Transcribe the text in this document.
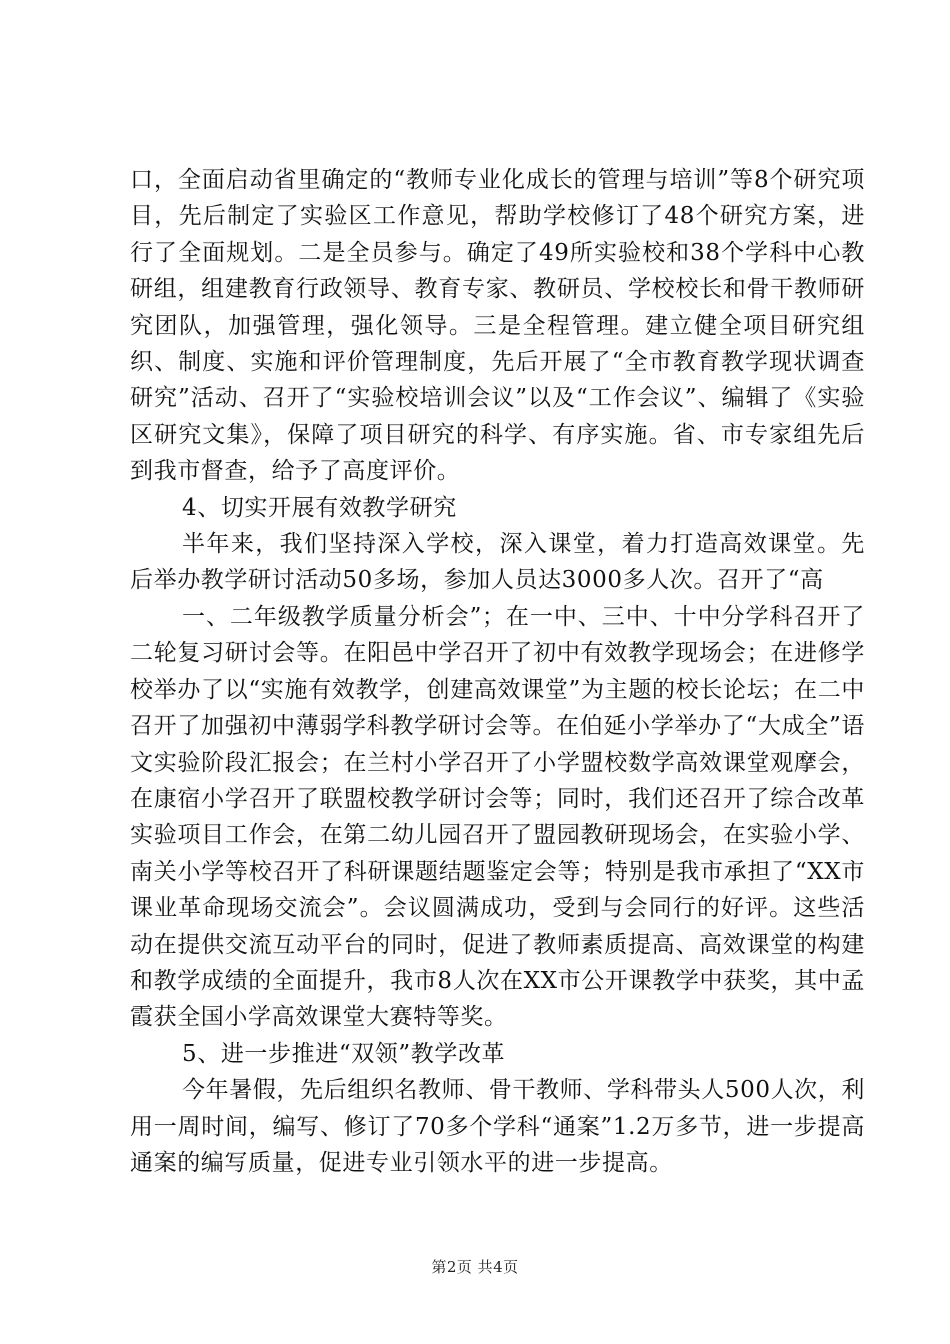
口，全面启动省里确定的“教师专业化成长的管理与培训”等8个研究项目，先后制定了实验区工作意见，帮助学校修订了48个研究方案，进行了全面规划。二是全员参与。确定了49所实验校和38个学科中心教研组，组建教育行政领导、教育专家、教研员、学校校长和骨干教师研究团队，加强管理，强化领导。三是全程管理。建立健全项目研究组织、制度、实施和评价管理制度，先后开展了“全市教育教学现状调查研究”活动、召开了“实验校培训会议”以及“工作会议”、编辑了《实验区研究文集》，保障了项目研究的科学、有序实施。省、市专家组先后到我市督查，给予了高度评价。

4、切实开展有效教学研究

半年来，我们坚持深入学校，深入课堂，着力打造高效课堂。先后举办教学研讨活动50多场，参加人员达3000多人次。召开了“高

一、二年级教学质量分析会”；在一中、三中、十中分学科召开了二轮复习研讨会等。在阳邑中学召开了初中有效教学现场会；在进修学校举办了以“实施有效教学，创建高效课堂”为主题的校长论坛；在二中召开了加强初中薄弱学科教学研讨会等。在伯延小学举办了“大成全”语文实验阶段汇报会；在兰村小学召开了小学盟校数学高效课堂观摩会，在康宿小学召开了联盟校教学研讨会等；同时，我们还召开了综合改革实验项目工作会，在第二幼儿园召开了盟园教研现场会，在实验小学、南关小学等校召开了科研课题结题鉴定会等；特别是我市承担了“XX市课业革命现场交流会”。会议圆满成功，受到与会同行的好评。这些活动在提供交流互动平台的同时，促进了教师素质提高、高效课堂的构建和教学成绩的全面提升，我市8人次在XX市公开课教学中获奖，其中孟霞获全国小学高效课堂大赛特等奖。

5、进一步推进“双领”教学改革

今年暑假，先后组织名教师、骨干教师、学科带头人500人次，利用一周时间，编写、修订了70多个学科“通案”1.2万多节，进一步提高通案的编写质量，促进专业引领水平的进一步提高。

第2页 共4页
